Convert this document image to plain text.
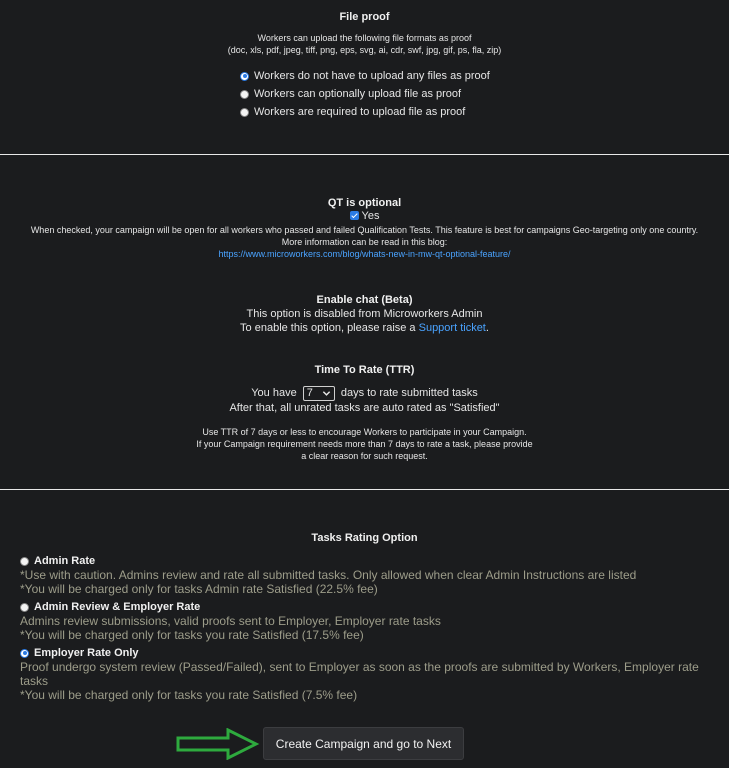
File proof
Workers can upload the following file formats as proof
(doc, xls, pdf, jpeg, tiff, png, eps, svg, ai, cdr, swf, jpg, gif, ps, fla, zip)
Workers do not have to upload any files as proof
Workers can optionally upload file as proof
Workers are required to upload file as proof
QT is optional
Yes
When checked, your campaign will be open for all workers who passed and failed Qualification Tests. This feature is best for campaigns Geo-targeting only one country.
More information can be read in this blog:
https://www.microworkers.com/blog/whats-new-in-mw-qt-optional-feature/
Enable chat (Beta)
This option is disabled from Microworkers Admin
To enable this option, please raise a Support ticket.
Time To Rate (TTR)
You have 7	days to rate submitted tasks
After that, all unrated tasks are auto rated as "Satisfied"
Use TTR of 7 days or less to encourage Workers to participate in your Campaign.
If your Campaign requirement needs more than 7 days to rate a task, please provide
a clear reason for such request.
Tasks Rating Option
Admin Rate
*Use with caution. Admins review and rate all submitted tasks. Only allowed when clear Admin Instructions are listed
*You will be charged only for tasks Admin rate Satisfied (22.5% fee)
Admin Review & Employer Rate
Admins review submissions, valid proofs sent to Employer, Employer rate tasks
*You will be charged only for tasks you rate Satisfied (17.5% fee)
Employer Rate Only
Proof undergo system review (Passed/Failed), sent to Employer as soon as the proofs are submitted by Workers, Employer rate tasks
*You will be charged only for tasks you rate Satisfied (7.5% fee)
Create Campaign and go to Next
